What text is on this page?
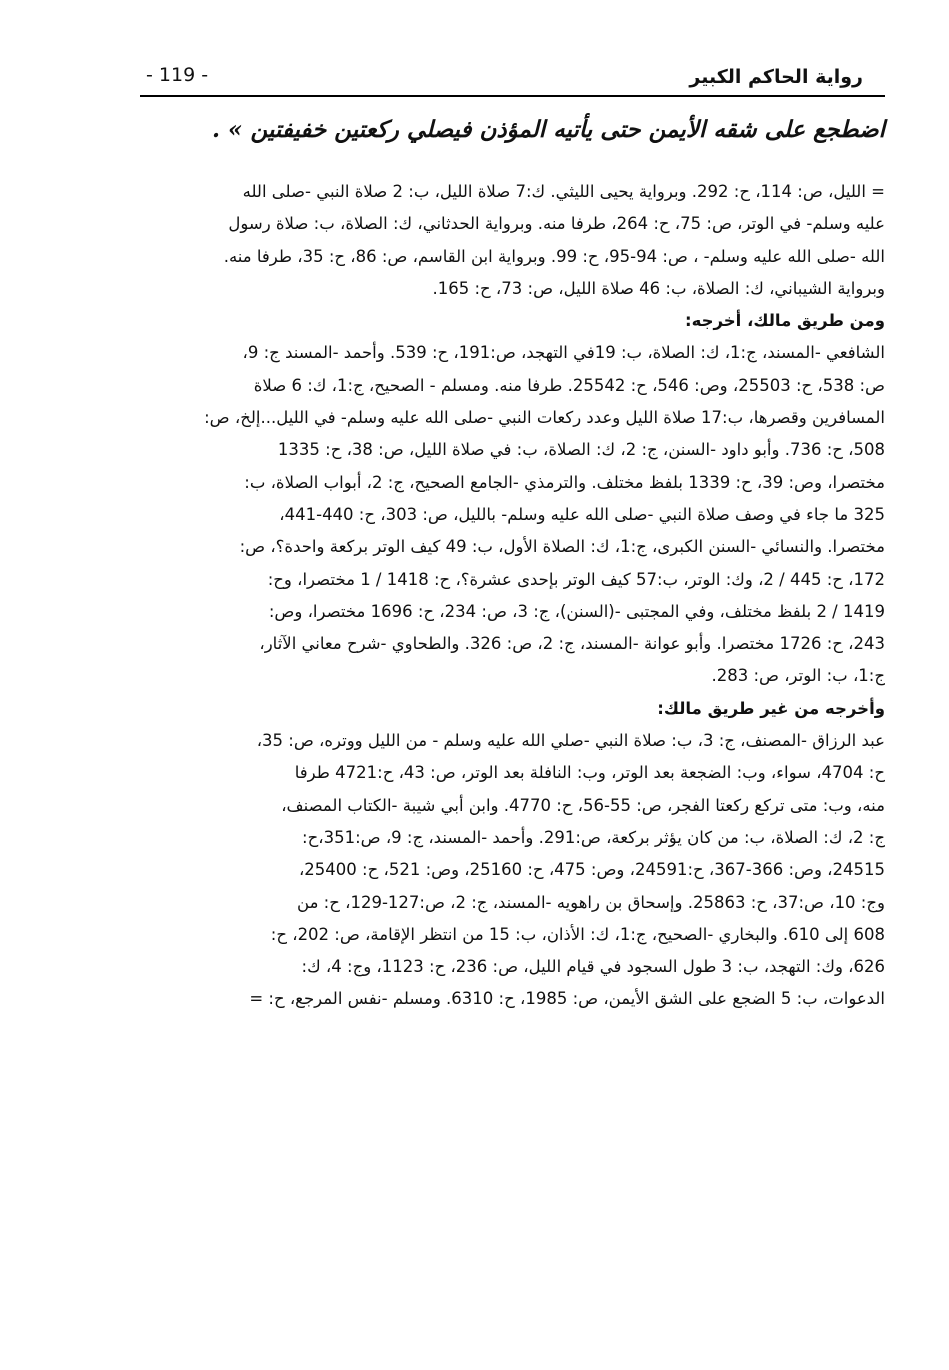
رواية الحاكم الكبير
- 119 -
اضطجع على شقه الأيمن حتى يأتيه المؤذن فيصلي ركعتين خفيفتين » .
= الليل، ص: 114، ح: 292. وبرواية يحيى الليثي. ك:7 صلاة الليل، ب: 2 صلاة النبي -صلى الله
عليه وسلم- في الوتر، ص: 75، ح: 264، طرفا منه. وبرواية الحدثاني، ك: الصلاة، ب: صلاة رسول
الله -صلى الله عليه وسلم- ، ص: 94-95، ح: 99. وبرواية ابن القاسم، ص: 86، ح: 35، طرفا منه.
وبرواية الشيباني، ك: الصلاة، ب: 46 صلاة الليل، ص: 73، ح: 165.
ومن طريق مالك، أخرجه:
الشافعي -المسند، ج:1، ك: الصلاة، ب: 19في التهجد، ص:191، ح: 539. وأحمد -المسند ج: 9،
ص: 538، ح: 25503، وص: 546، ح: 25542. طرفا منه. ومسلم - الصحيح، ج:1، ك: 6 صلاة
المسافرين وقصرها، ب:17 صلاة الليل وعدد ركعات النبي -صلى الله عليه وسلم- في الليل...إلخ، ص:
508، ح: 736. وأبو داود -السنن، ج: 2، ك: الصلاة، ب: في صلاة الليل، ص: 38، ح: 1335
مختصرا، وص: 39، ح: 1339 بلفظ مختلف. والترمذي -الجامع الصحيح، ج: 2، أبواب الصلاة، ب:
325 ما جاء في وصف صلاة النبي -صلى الله عليه وسلم- بالليل، ص: 303، ح: 440-441،
مختصرا. والنسائي -السنن الكبرى، ج:1، ك: الصلاة الأول، ب: 49 كيف الوتر بركعة واحدة؟، ص:
172، ح: 445 / 2، وك: الوتر، ب:57 كيف الوتر بإحدى عشرة؟، ح: 1418 / 1 مختصرا، وح:
1419 / 2 بلفظ مختلف، وفي المجتبى -(السنن)، ج: 3، ص: 234، ح: 1696 مختصرا، وص:
243، ح: 1726 مختصرا. وأبو عوانة -المسند، ج: 2، ص: 326. والطحاوي -شرح معاني الآثار،
ج:1، ب: الوتر، ص: 283.
وأخرجه من غير طريق مالك:
عبد الرزاق -المصنف، ج: 3، ب: صلاة النبي -صلي الله عليه وسلم - من الليل ووتره، ص: 35،
ح: 4704، سواء، وب: الضجعة بعد الوتر، وب: النافلة بعد الوتر، ص: 43، ح:4721 طرفا
منه، وب: متى تركع ركعتا الفجر، ص: 55-56، ح: 4770. وابن أبي شيبة -الكتاب المصنف،
ج: 2، ك: الصلاة، ب: من كان يؤثر بركعة، ص:291. وأحمد -المسند، ج: 9، ص:351،ح:
24515، وص: 366-367، ح:24591، وص: 475، ح: 25160، وص: 521، ح: 25400،
وج: 10، ص:37، ح: 25863. وإسحاق بن راهويه -المسند، ج: 2، ص:127-129، ح: من
608 إلى 610. والبخاري -الصحيح، ج:1، ك: الأذان، ب: 15 من انتظر الإقامة، ص: 202، ح:
626، وك: التهجد، ب: 3 طول السجود في قيام الليل، ص: 236، ح: 1123، وج: 4، ك:
الدعوات، ب: 5 الضجع على الشق الأيمن، ص: 1985، ح: 6310. ومسلم -نفس المرجع، ح: =
